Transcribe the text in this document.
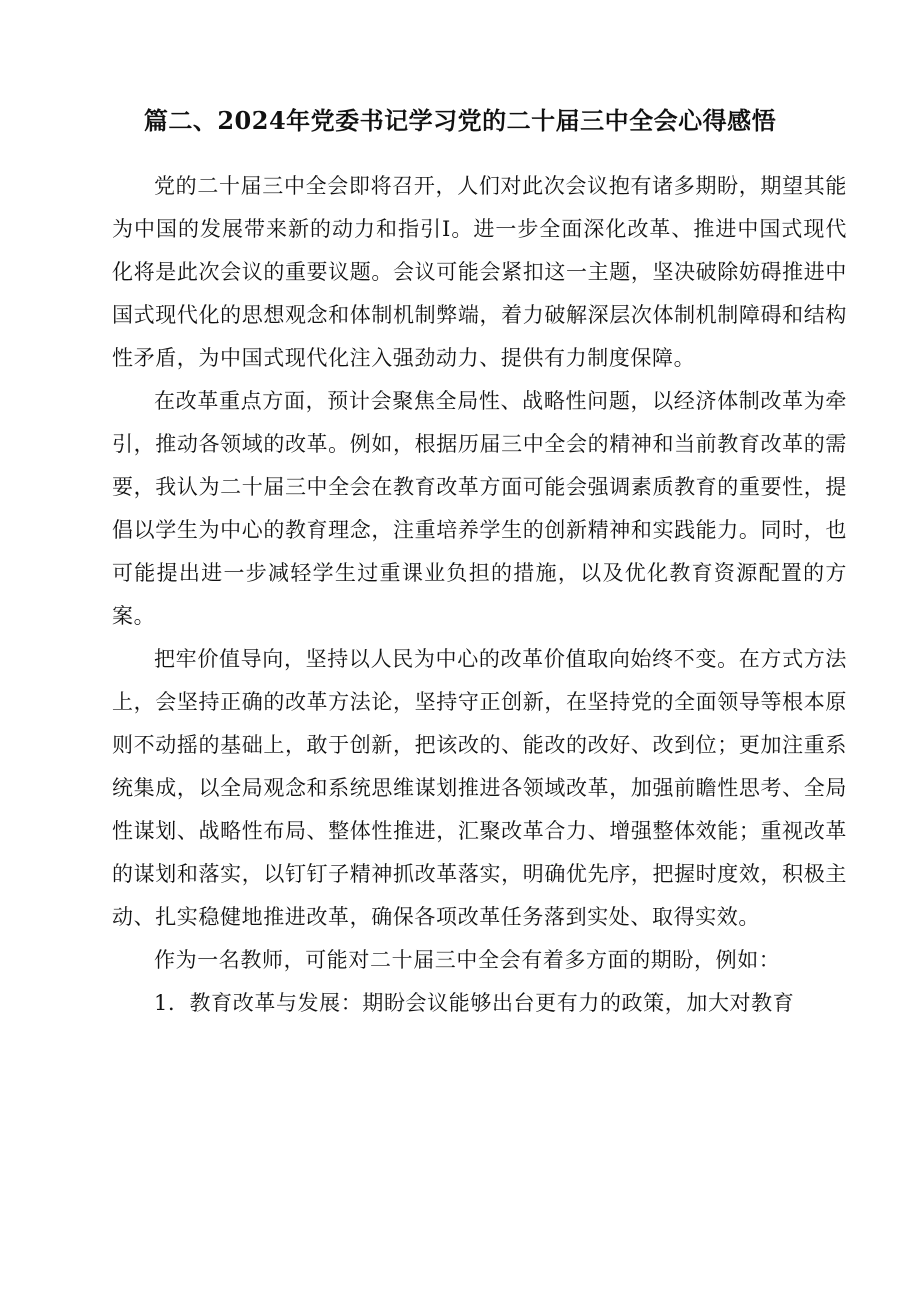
篇二、2024年党委书记学习党的二十届三中全会心得感悟

党的二十届三中全会即将召开，人们对此次会议抱有诸多期盼，期望其能为中国的发展带来新的动力和指引I。进一步全面深化改革、推进中国式现代化将是此次会议的重要议题。会议可能会紧扣这一主题，坚决破除妨碍推进中国式现代化的思想观念和体制机制弊端，着力破解深层次体制机制障碍和结构性矛盾，为中国式现代化注入强劲动力、提供有力制度保障。

在改革重点方面，预计会聚焦全局性、战略性问题，以经济体制改革为牵引，推动各领域的改革。例如，根据历届三中全会的精神和当前教育改革的需要，我认为二十届三中全会在教育改革方面可能会强调素质教育的重要性，提倡以学生为中心的教育理念，注重培养学生的创新精神和实践能力。同时，也可能提出进一步减轻学生过重课业负担的措施，以及优化教育资源配置的方案。

把牢价值导向，坚持以人民为中心的改革价值取向始终不变。在方式方法上，会坚持正确的改革方法论，坚持守正创新，在坚持党的全面领导等根本原则不动摇的基础上，敢于创新，把该改的、能改的改好、改到位；更加注重系统集成，以全局观念和系统思维谋划推进各领域改革，加强前瞻性思考、全局性谋划、战略性布局、整体性推进，汇聚改革合力、增强整体效能；重视改革的谋划和落实，以钉钉子精神抓改革落实，明确优先序，把握时度效，积极主动、扎实稳健地推进改革，确保各项改革任务落到实处、取得实效。

作为一名教师，可能对二十届三中全会有着多方面的期盼，例如：

1．教育改革与发展：期盼会议能够出台更有力的政策，加大对教育
